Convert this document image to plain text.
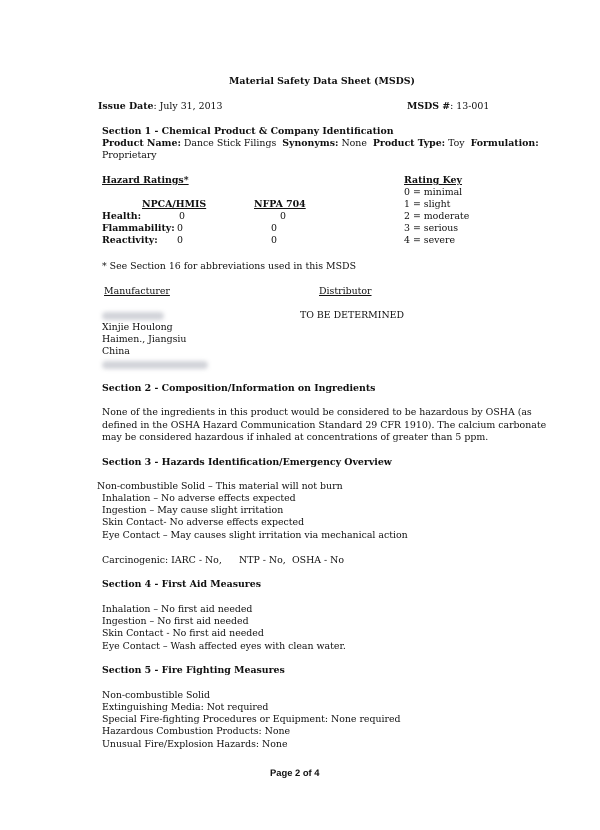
Material Safety Data Sheet (MSDS)
Issue Date: July 31, 2013	MSDS #: 13-001
Section 1 - Chemical Product & Company Identification
Product Name: Dance Stick Filings Synonyms: None Product Type: Toy Formulation:
Proprietary
Hazard Ratings*
NPCA/HMIS	NFPA 704
Health:	0	0
Flammability: 0	0
Reactivity: 0	0
Rating Key
0 = minimal
1 = slight
2 = moderate
3 = serious
4 = severe
* See Section 16 for abbreviations used in this MSDS
Manufacturer	Distributor
TO BE DETERMINED
Xinjie Houlong
Haimen., Jiangsiu
China
Section 2 - Composition/Information on Ingredients
None of the ingredients in this product would be considered to be hazardous by OSHA (as defined in the OSHA Hazard Communication Standard 29 CFR 1910). The calcium carbonate may be considered hazardous if inhaled at concentrations of greater than 5 ppm.
Section 3 - Hazards Identification/Emergency Overview
Non-combustible Solid – This material will not burn
Inhalation – No adverse effects expected
Ingestion – May cause slight irritation
Skin Contact- No adverse effects expected
Eye Contact – May causes slight irritation via mechanical action
Carcinogenic: IARC - No, NTP - No, OSHA - No
Section 4 - First Aid Measures
Inhalation – No first aid needed
Ingestion – No first aid needed
Skin Contact - No first aid needed
Eye Contact – Wash affected eyes with clean water.
Section 5 - Fire Fighting Measures
Non-combustible Solid
Extinguishing Media: Not required
Special Fire-fighting Procedures or Equipment: None required
Hazardous Combustion Products: None
Unusual Fire/Explosion Hazards: None
Page 2 of 4
